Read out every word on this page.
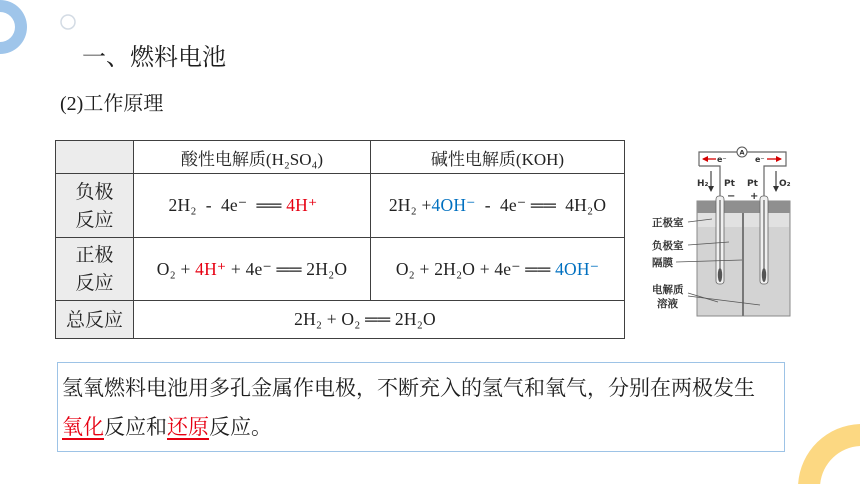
一、燃料电池
(2)工作原理
	酸性电解质(H₂SO₄)	碱性电解质(KOH)

负极
反应	2H₂  -  4e⁻  ══ 4H⁺	2H₂ + 4OH⁻ -  4e⁻ ══  4H₂O

正极
反应	O₂ + 4H⁺ + 4e⁻ ══ 2H₂O	O₂ + 2H₂O + 4e⁻ ══ 4OH⁻

总反应	2H₂ + O₂ ══ 2H₂O	
A
e⁻	e⁻
H₂	O₂
Pt Pt
− +
正极室
负极室
隔膜
电解质
溶液
氢氧燃料电池用多孔金属作电极，不断充入的氢气和氧气，分别在两极发生
氧化反应和还原反应。
